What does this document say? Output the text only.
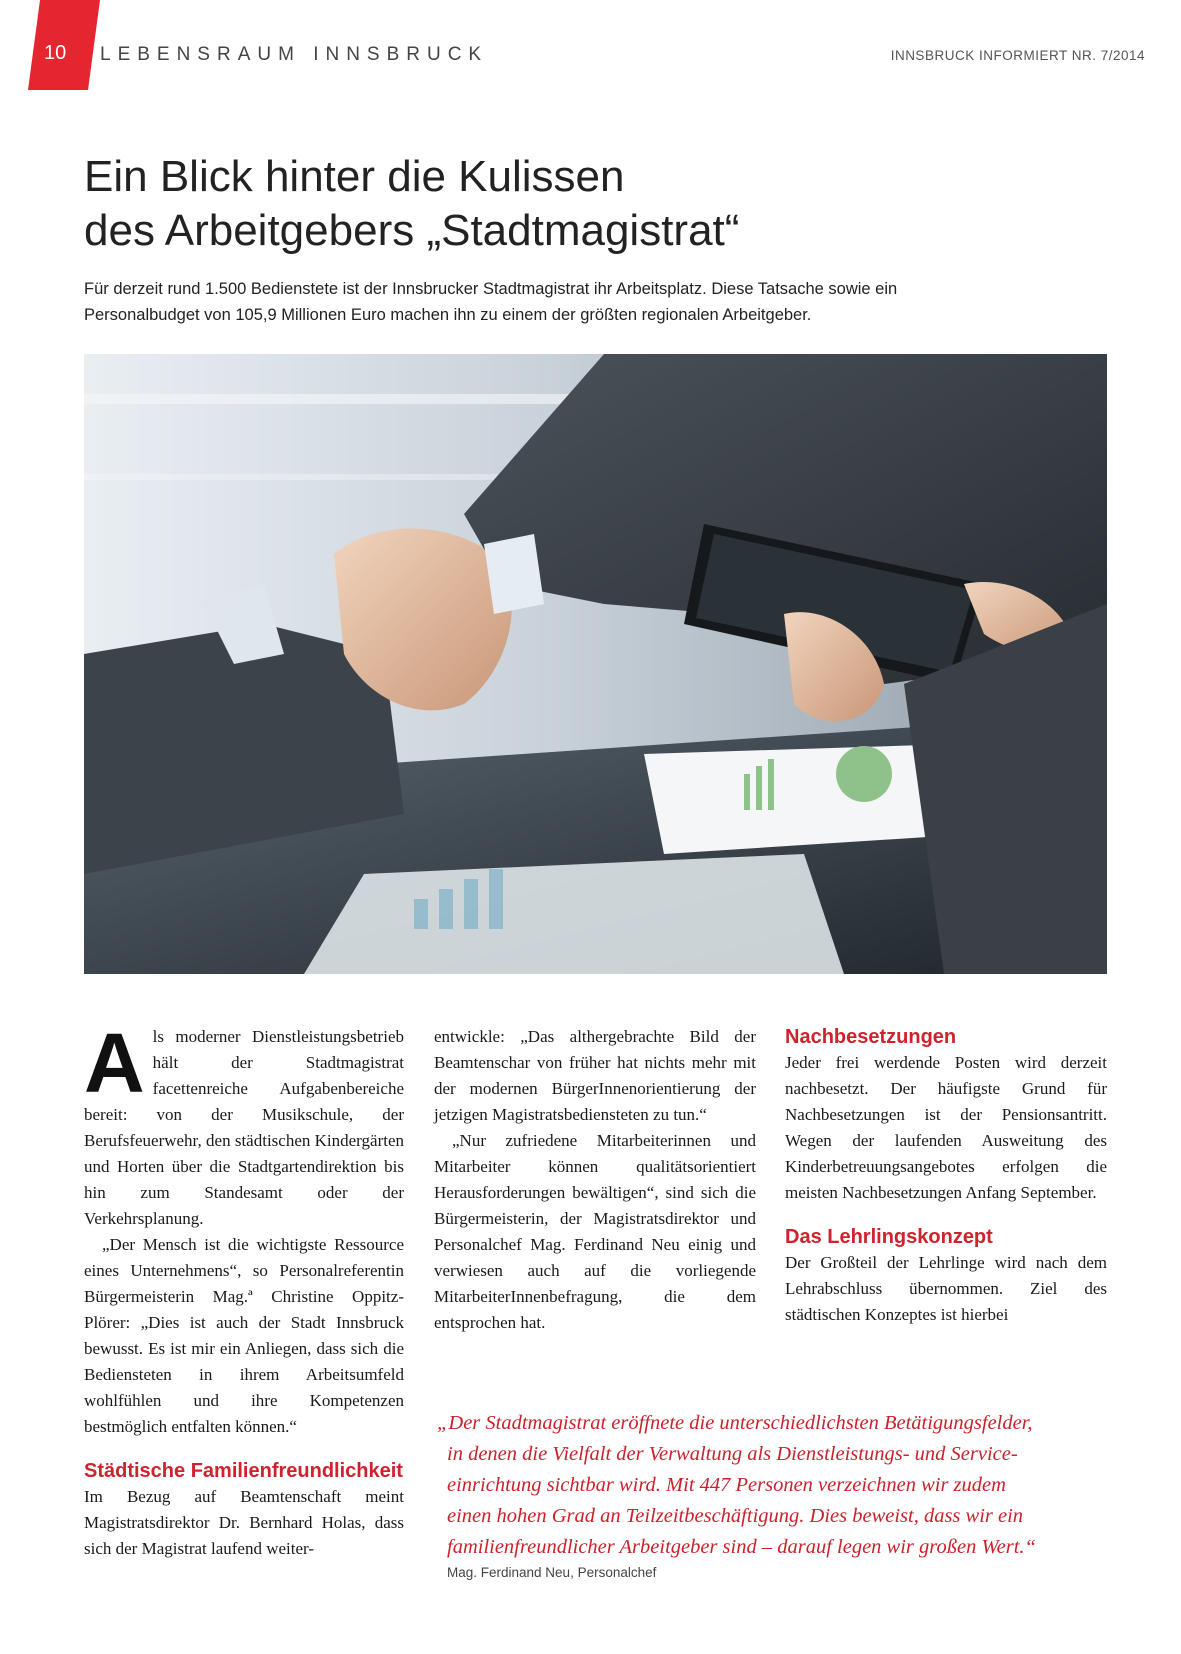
10 LEBENSRAUM INNSBRUCK	INNSBRUCK INFORMIERT NR. 7/2014
Ein Blick hinter die Kulissen
des Arbeitgebers „Stadtmagistrat“

Für derzeit rund 1.500 Bedienstete ist der Innsbrucker Stadtmagistrat ihr Arbeitsplatz. Diese Tatsache sowie ein
Personalbudget von 105,9 Millionen Euro machen ihn zu einem der größten regionalen Arbeitgeber.

A ls moderner Dienstleistungsbetrieb hält der Stadtmagistrat facettenreiche Aufgabenbereiche bereit: von der Musikschule, der Berufsfeuerwehr, den städtischen Kindergärten und Horten über die Stadtgartendirektion bis hin zum Standesamt oder der Verkehrsplanung.

„Der Mensch ist die wichtigste Ressource eines Unternehmens“, so Personalreferentin Bürgermeisterin Mag.ª Christine Oppitz-Plörer: „Dies ist auch der Stadt Innsbruck bewusst. Es ist mir ein Anliegen, dass sich die Bediensteten in ihrem Arbeitsumfeld wohlfühlen und ihre Kompetenzen bestmöglich entfalten können.“

Städtische Familienfreundlichkeit

Im Bezug auf Beamtenschaft meint Magistratsdirektor Dr. Bernhard Holas, dass sich der Magistrat laufend weiter-

entwickle: „Das althergebrachte Bild der Beamtenschar von früher hat nichts mehr mit der modernen BürgerInnenorientierung der jetzigen Magistratsbediensteten zu tun.“

„Nur zufriedene Mitarbeiterinnen und Mitarbeiter können qualitätsorientiert Herausforderungen bewältigen“, sind sich die Bürgermeisterin, der Magistratsdirektor und Personalchef Mag. Ferdinand Neu einig und verwiesen auch auf die vorliegende MitarbeiterInnenbefragung, die dem entsprochen hat.

Nachbesetzungen

Jeder frei werdende Posten wird derzeit nachbesetzt. Der häufigste Grund für Nachbesetzungen ist der Pensionsantritt. Wegen der laufenden Ausweitung des Kinderbetreuungsangebotes erfolgen die meisten Nachbesetzungen Anfang September.

Das Lehrlingskonzept

Der Großteil der Lehrlinge wird nach dem Lehrabschluss übernommen. Ziel des städtischen Konzeptes ist hierbei

„Der Stadtmagistrat eröffnete die unterschiedlichsten Betätigungsfelder,
in denen die Vielfalt der Verwaltung als Dienstleistungs- und Service-
einrichtung sichtbar wird. Mit 447 Personen verzeichnen wir zudem
einen hohen Grad an Teilzeitbeschäftigung. Dies beweist, dass wir ein
familienfreundlicher Arbeitgeber sind – darauf legen wir großen Wert.“
Mag. Ferdinand Neu, Personalchef
